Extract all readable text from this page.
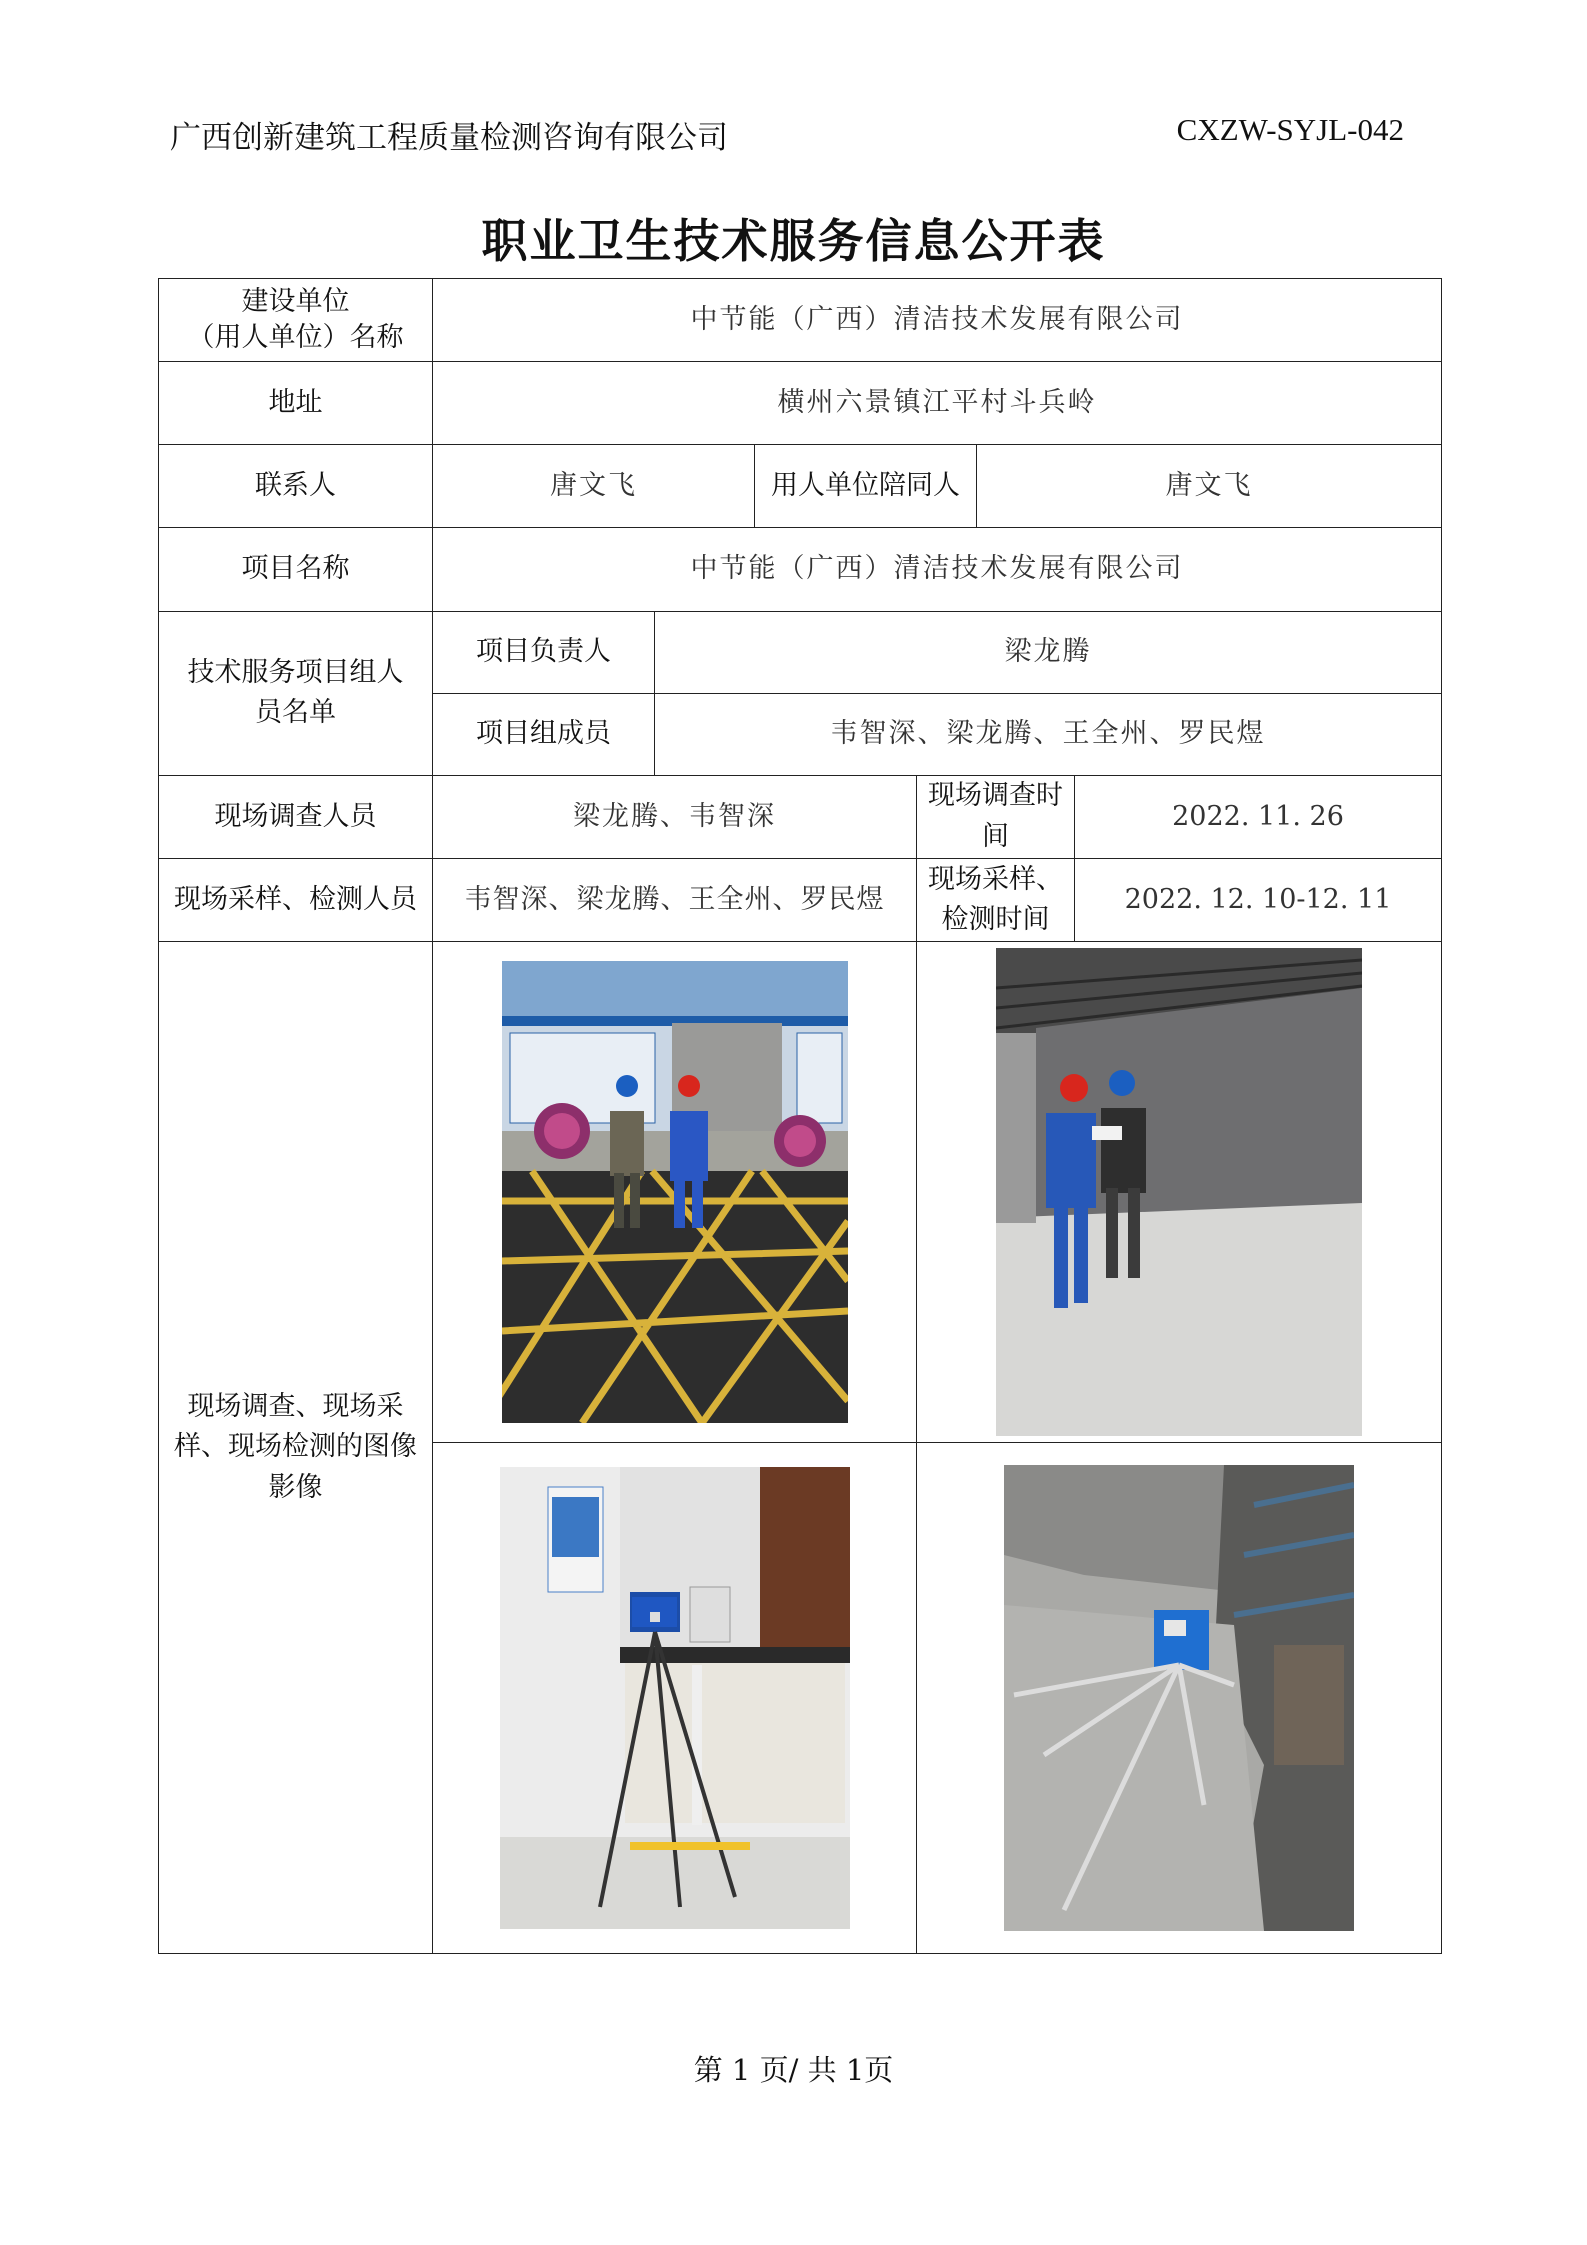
广西创新建筑工程质量检测咨询有限公司	CXZW-SYJL-042
职业卫生技术服务信息公开表
建设单位
（用人单位）名称	中节能（广西）清洁技术发展有限公司					
地址	横州六景镇江平村斗兵岭					
联系人	唐文飞		用人单位陪同人		唐文飞	
项目名称	中节能（广西）清洁技术发展有限公司					
技术服务项目组人员名单	项目负责人	梁龙腾				
	项目组成员	韦智深、梁龙腾、王全州、罗民煜				
现场调查人员	梁龙腾、韦智深			现场调查时间		2022. 11. 26
现场采样、检测人员	韦智深、梁龙腾、王全州、罗民煜			现场采样、检测时间		2022. 12. 10-12. 11
现场调查、现场采样、现场检测的图像影像	

第 1 页/ 共 1页
